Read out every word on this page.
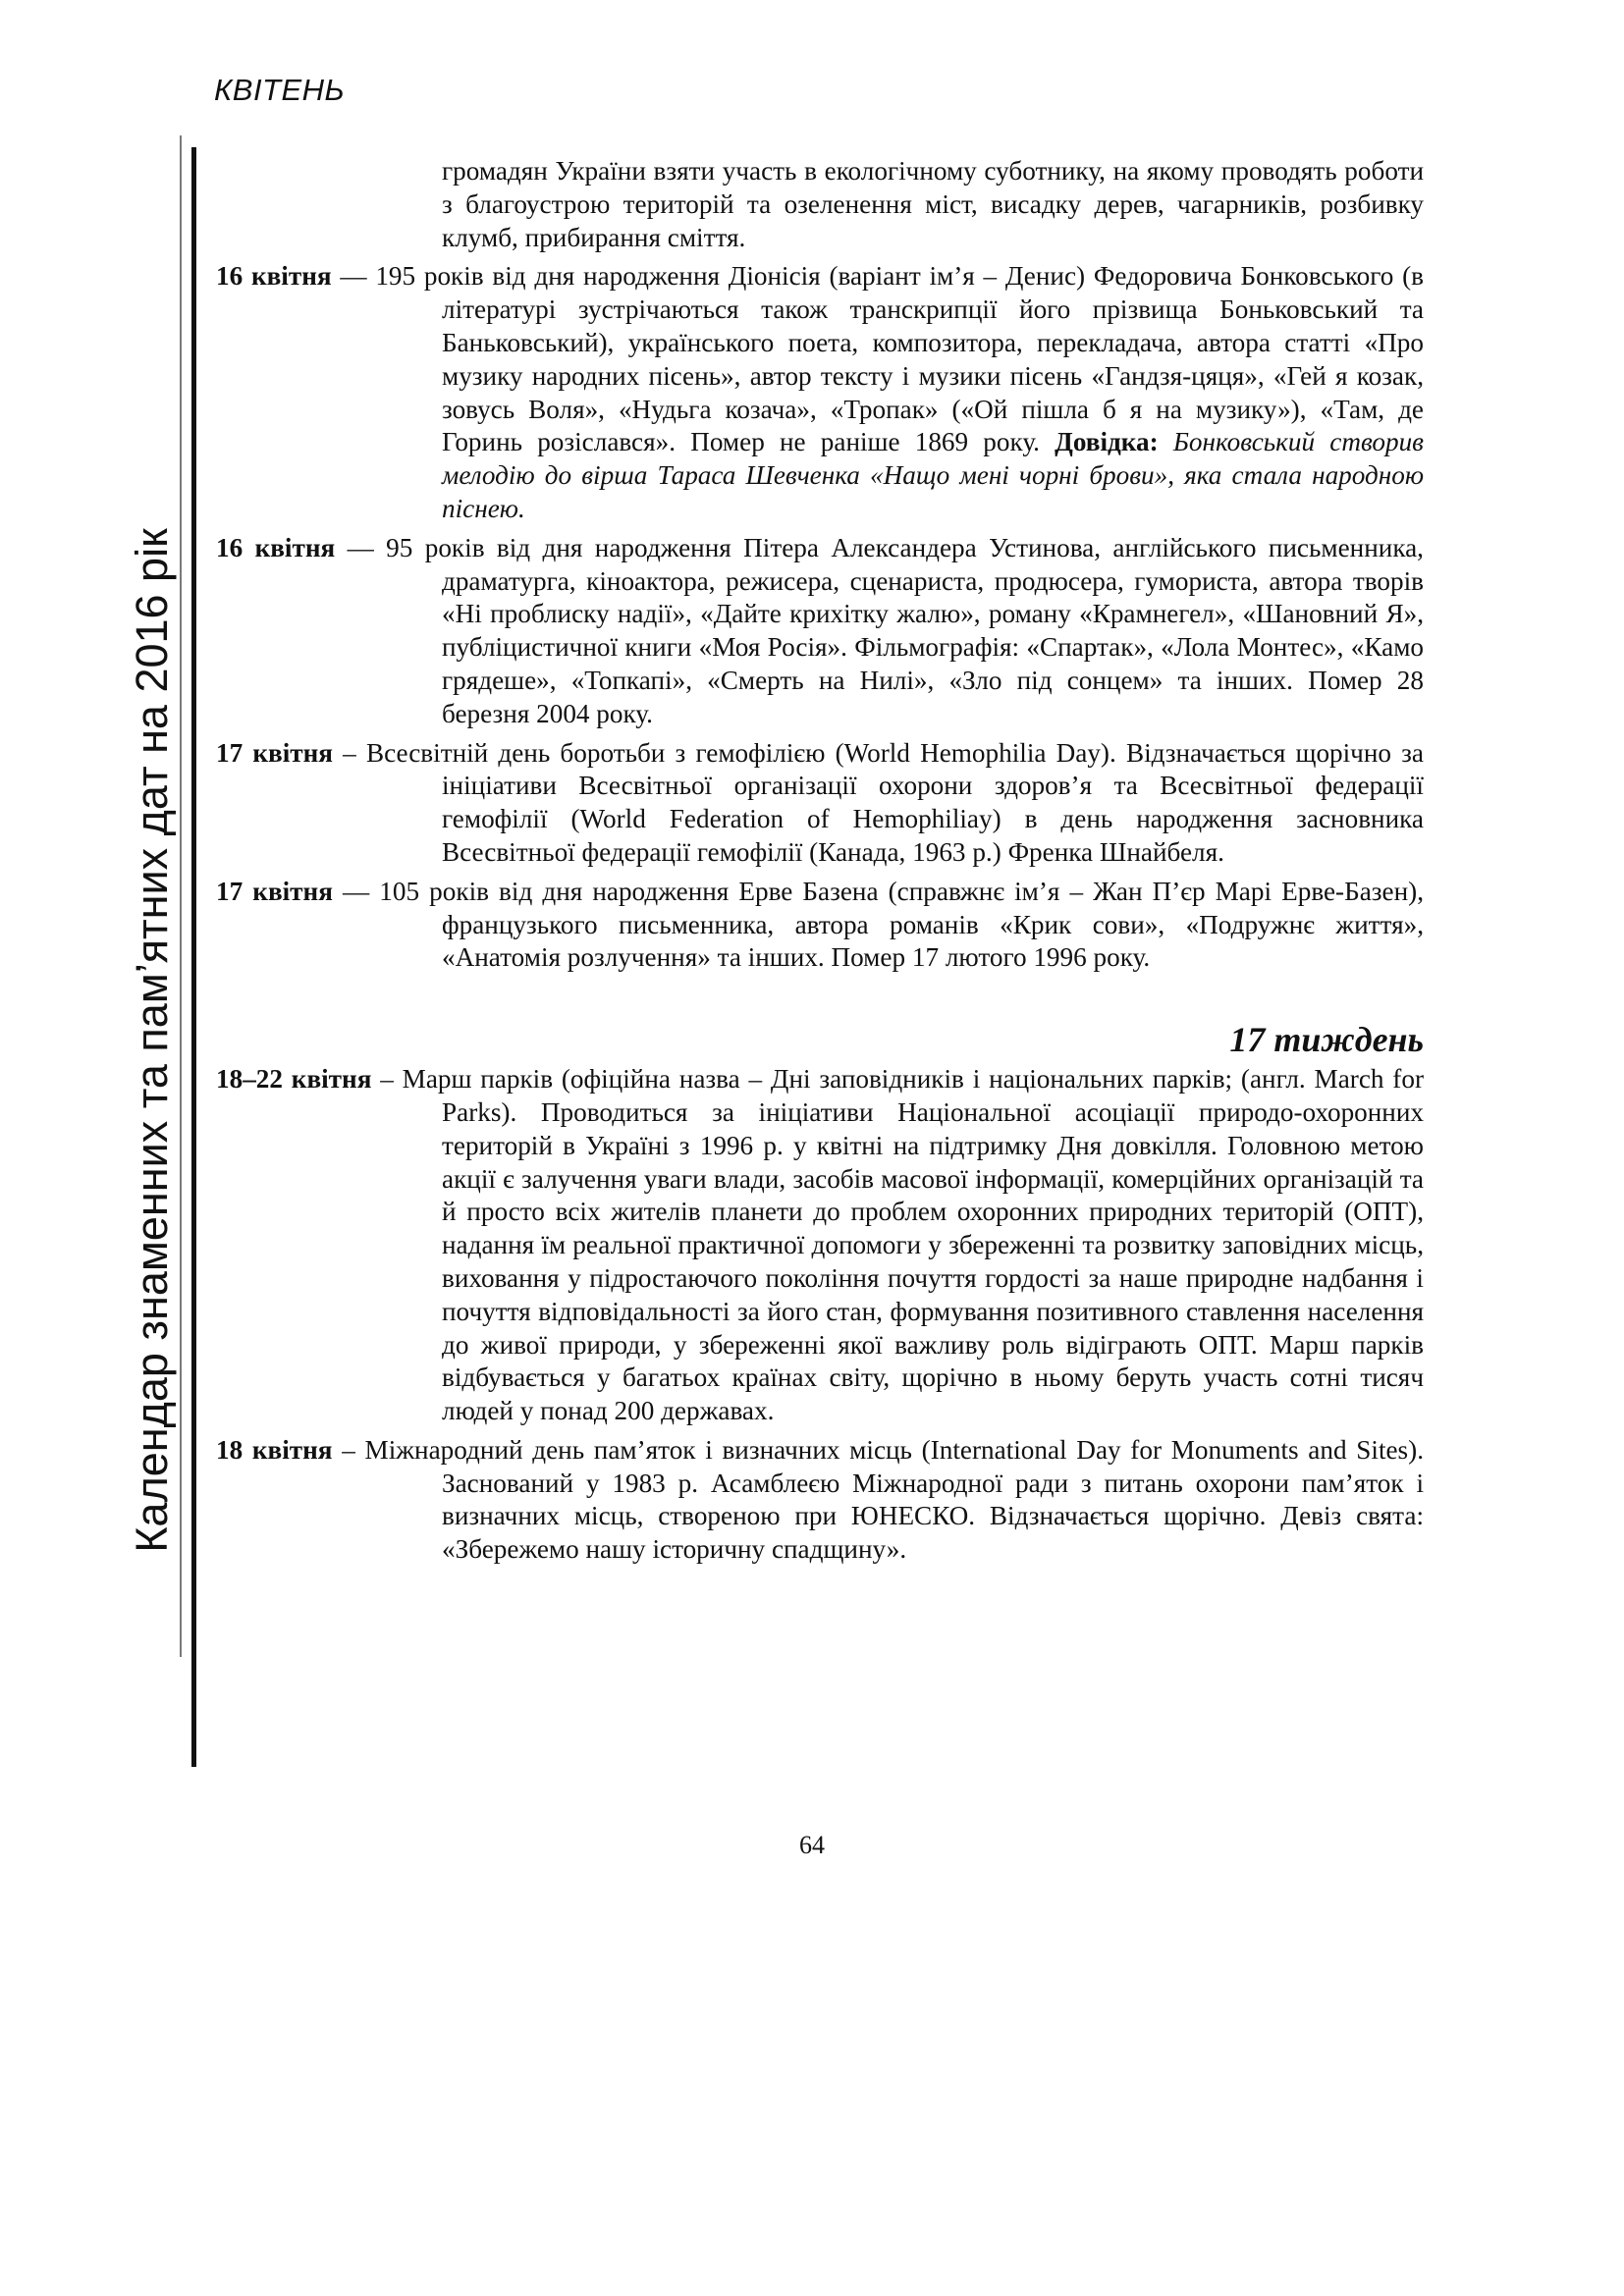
КВІТЕНЬ
Календар знаменних та пам’ятних дат на 2016 рік

громадян України взяти участь в екологічному суботнику, на якому проводять роботи з благоустрою територій та озеленення міст, висадку дерев, чагарників, розбивку клумб, прибирання сміття.

16 квітня — 195 років від дня народження Діонісія (варіант ім’я – Денис) Федоровича Бонковського (в літературі зустрічаються також транскрипції його прізвища Боньковський та Баньковський), українського поета, композитора, перекладача, автора статті «Про музику народних пісень», автор тексту і музики пісень «Гандзя-цяця», «Гей я козак, зовусь Воля», «Нудьга козача», «Тропак» («Ой пішла б я на музику»), «Там, де Горинь розіслався». Помер не раніше 1869 року. Довідка: Бонковський створив мелодію до вірша Тараса Шевченка «Нащо мені чорні брови», яка стала народною піснею.

16 квітня — 95 років від дня народження Пітера Александера Устинова, англійського письменника, драматурга, кіноактора, режисера, сценариста, продюсера, гумориста, автора творів «Ні проблиску надії», «Дайте крихітку жалю», роману «Крамнегел», «Шановний Я», публіцистичної книги «Моя Росія». Фільмографія: «Спартак», «Лола Монтес», «Камо грядеше», «Топкапі», «Смерть на Нилі», «Зло під сонцем» та інших. Помер 28 березня 2004 року.

17 квітня – Всесвітній день боротьби з гемофілією (World Hemophilia Day). Відзначається щорічно за ініціативи Всесвітньої організації охорони здоров’я та Всесвітньої федерації гемофілії (World Federation of Hemophiliay) в день народження засновника Всесвітньої федерації гемофілії (Канада, 1963 р.) Френка Шнайбеля.

17 квітня — 105 років від дня народження Ерве Базена (справжнє ім’я – Жан П’єр Марі Ерве-Базен), французького письменника, автора романів «Крик сови», «Подружнє життя», «Анатомія розлучення» та інших. Помер 17 лютого 1996 року.

17 тиждень

18–22 квітня – Марш парків (офіційна назва – Дні заповідників і національних парків; (англ. March for Parks). Проводиться за ініціативи Національної асоціації природо-охоронних територій в Україні з 1996 р. у квітні на підтримку Дня довкілля. Головною метою акції є залучення уваги влади, засобів масової інформації, комерційних організацій та й просто всіх жителів планети до проблем охоронних природних територій (ОПТ), надання їм реальної практичної допомоги у збереженні та розвитку заповідних місць, виховання у підростаючого покоління почуття гордості за наше природне надбання і почуття відповідальності за його стан, формування позитивного ставлення населення до живої природи, у збереженні якої важливу роль відіграють ОПТ. Марш парків відбувається у багатьох країнах світу, щорічно в ньому беруть участь сотні тисяч людей у понад 200 державах.

18 квітня – Міжнародний день пам’яток і визначних місць (International Day for Monuments and Sites). Заснований у 1983 р. Асамблеєю Міжнародної ради з питань охорони пам’яток і визначних місць, створеною при ЮНЕСКО. Відзначається щорічно. Девіз свята: «Збережемо нашу історичну спадщину».

64
